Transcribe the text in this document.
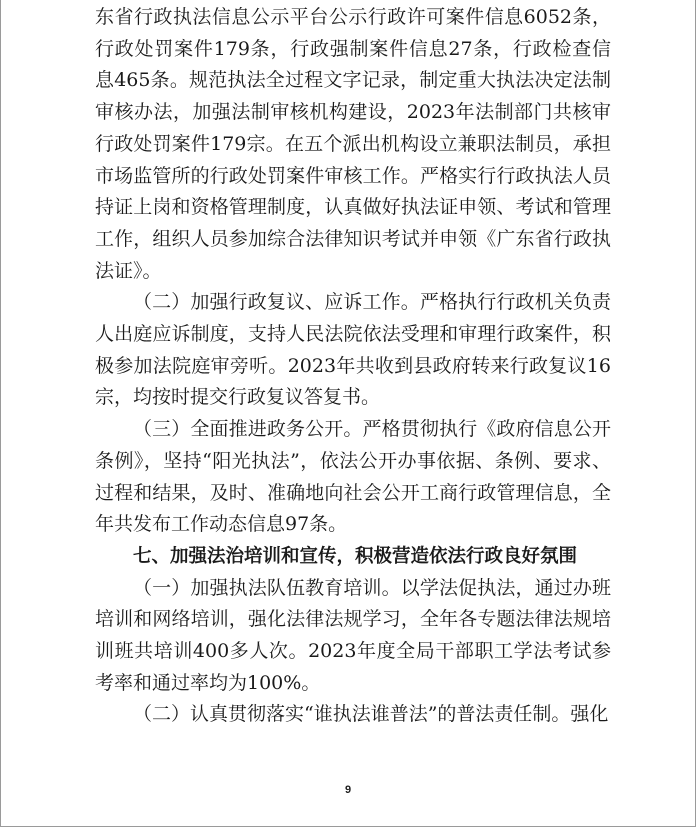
东省行政执法信息公示平台公示行政许可案件信息6052条，行政处罚案件179条，行政强制案件信息27条，行政检查信息465条。规范执法全过程文字记录，制定重大执法决定法制审核办法，加强法制审核机构建设，2023年法制部门共核审行政处罚案件179宗。在五个派出机构设立兼职法制员，承担市场监管所的行政处罚案件审核工作。严格实行行政执法人员持证上岗和资格管理制度，认真做好执法证申领、考试和管理工作，组织人员参加综合法律知识考试并申领《广东省行政执法证》。

（二）加强行政复议、应诉工作。严格执行行政机关负责人出庭应诉制度，支持人民法院依法受理和审理行政案件，积极参加法院庭审旁听。2023年共收到县政府转来行政复议16宗，均按时提交行政复议答复书。

（三）全面推进政务公开。严格贯彻执行《政府信息公开条例》，坚持“阳光执法”，依法公开办事依据、条例、要求、过程和结果，及时、准确地向社会公开工商行政管理信息，全年共发布工作动态信息97条。

七、加强法治培训和宣传，积极营造依法行政良好氛围

（一）加强执法队伍教育培训。以学法促执法，通过办班培训和网络培训，强化法律法规学习，全年各专题法律法规培训班共培训400多人次。2023年度全局干部职工学法考试参考率和通过率均为100%。

（二）认真贯彻落实“谁执法谁普法”的普法责任制。强化

9
